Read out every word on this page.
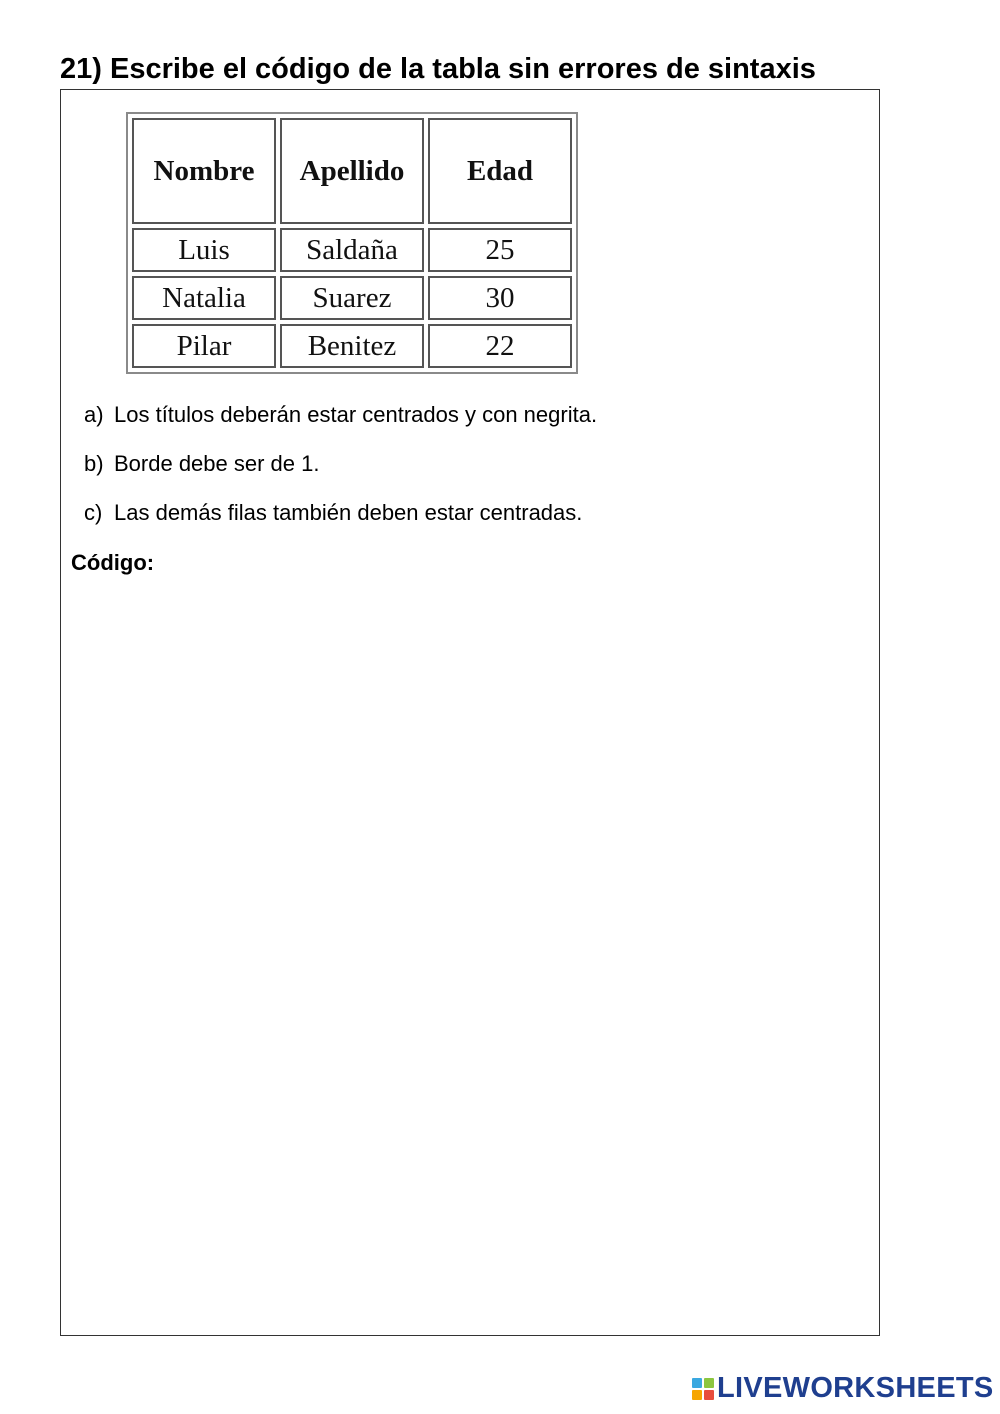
21) Escribe el código de la tabla sin errores de sintaxis
Nombre	Apellido	Edad
Luis	Saldaña	25
Natalia	Suarez	30
Pilar	Benitez	22
a) Los títulos deberán estar centrados y con negrita.
b) Borde debe ser de 1.
c) Las demás filas también deben estar centradas.
Código:
LIVEWORKSHEETS
